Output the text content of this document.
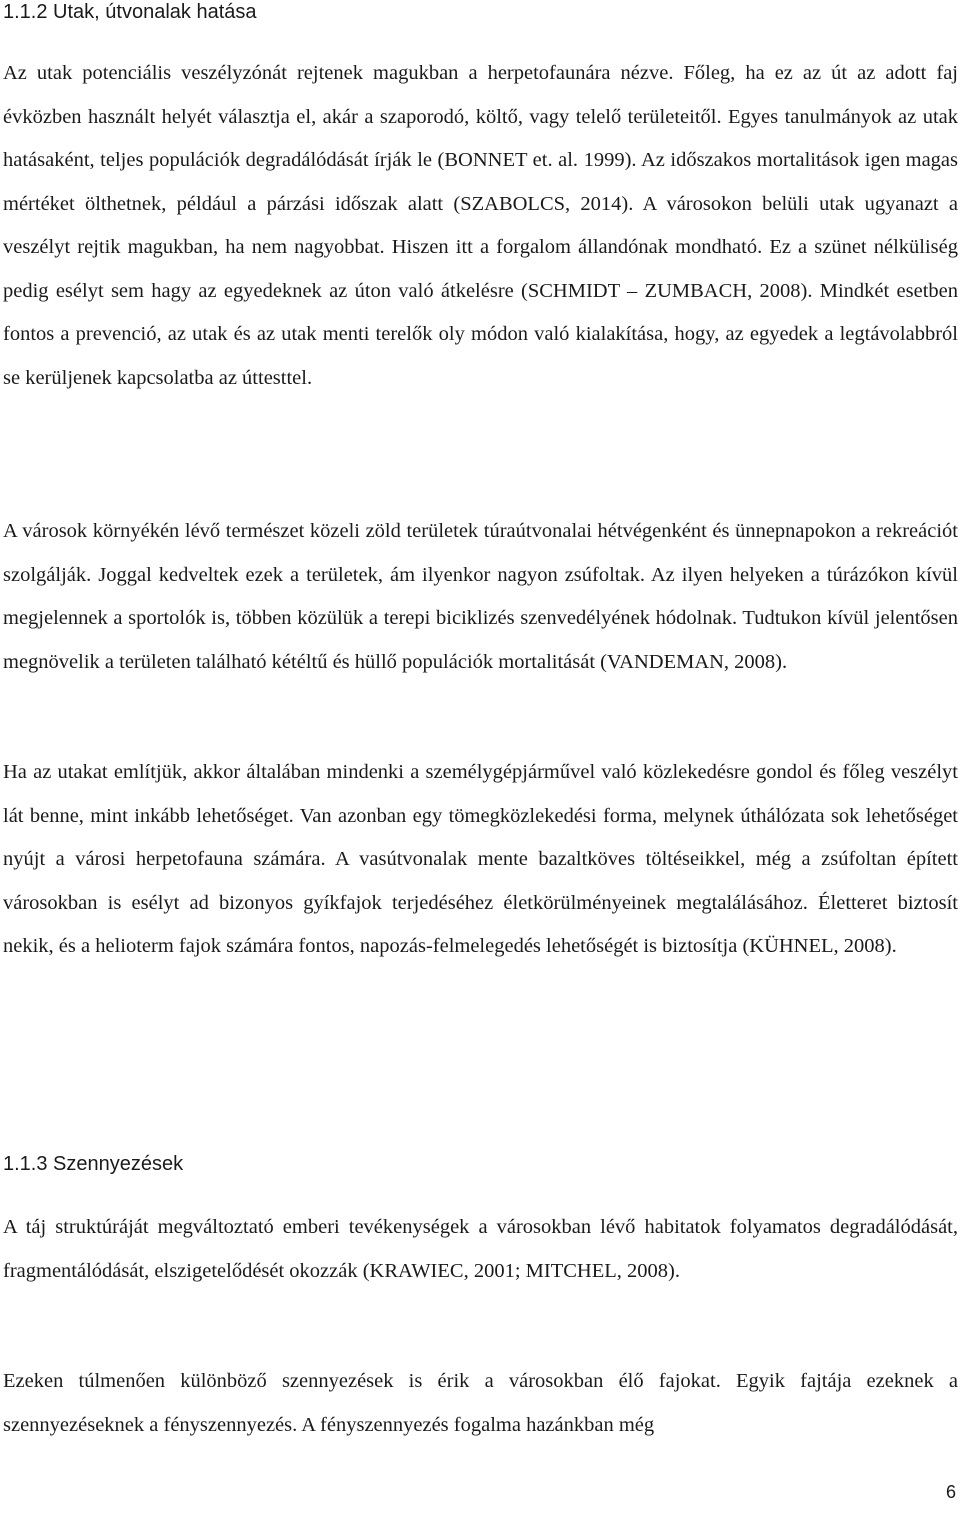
1.1.2 Utak, útvonalak hatása

Az utak potenciális veszélyzónát rejtenek magukban a herpetofaunára nézve. Főleg, ha ez az út az adott faj évközben használt helyét választja el, akár a szaporodó, költő, vagy telelő területeitől. Egyes tanulmányok az utak hatásaként, teljes populációk degradálódását írják le (BONNET et. al. 1999). Az időszakos mortalitások igen magas mértéket ölthetnek, például a párzási időszak alatt (SZABOLCS, 2014). A városokon belüli utak ugyanazt a veszélyt rejtik magukban, ha nem nagyobbat. Hiszen itt a forgalom állandónak mondható. Ez a szünet nélküliség pedig esélyt sem hagy az egyedeknek az úton való átkelésre (SCHMIDT – ZUMBACH, 2008). Mindkét esetben fontos a prevenció, az utak és az utak menti terelők oly módon való kialakítása, hogy, az egyedek a legtávolabbról se kerüljenek kapcsolatba az úttesttel.

A városok környékén lévő természet közeli zöld területek túraútvonalai hétvégenként és ünnepnapokon a rekreációt szolgálják. Joggal kedveltek ezek a területek, ám ilyenkor nagyon zsúfoltak. Az ilyen helyeken a túrázókon kívül megjelennek a sportolók is, többen közülük a terepi biciklizés szenvedélyének hódolnak. Tudtukon kívül jelentősen megnövelik a területen található kétéltű és hüllő populációk mortalitását (VANDEMAN, 2008).

Ha az utakat említjük, akkor általában mindenki a személygépjárművel való közlekedésre gondol és főleg veszélyt lát benne, mint inkább lehetőséget. Van azonban egy tömegközlekedési forma, melynek úthálózata sok lehetőséget nyújt a városi herpetofauna számára. A vasútvonalak mente bazaltköves töltéseikkel, még a zsúfoltan épített városokban is esélyt ad bizonyos gyíkfajok terjedéséhez életkörülményeinek megtalálásához. Életteret biztosít nekik, és a helioterm fajok számára fontos, napozás-felmelegedés lehetőségét is biztosítja (KÜHNEL, 2008).

1.1.3 Szennyezések

A táj struktúráját megváltoztató emberi tevékenységek a városokban lévő habitatok folyamatos degradálódását, fragmentálódását, elszigetelődését okozzák (KRAWIEC, 2001; MITCHEL, 2008).

Ezeken túlmenően különböző szennyezések is érik a városokban élő fajokat. Egyik fajtája ezeknek a szennyezéseknek a fényszennyezés. A fényszennyezés fogalma hazánkban még

6
